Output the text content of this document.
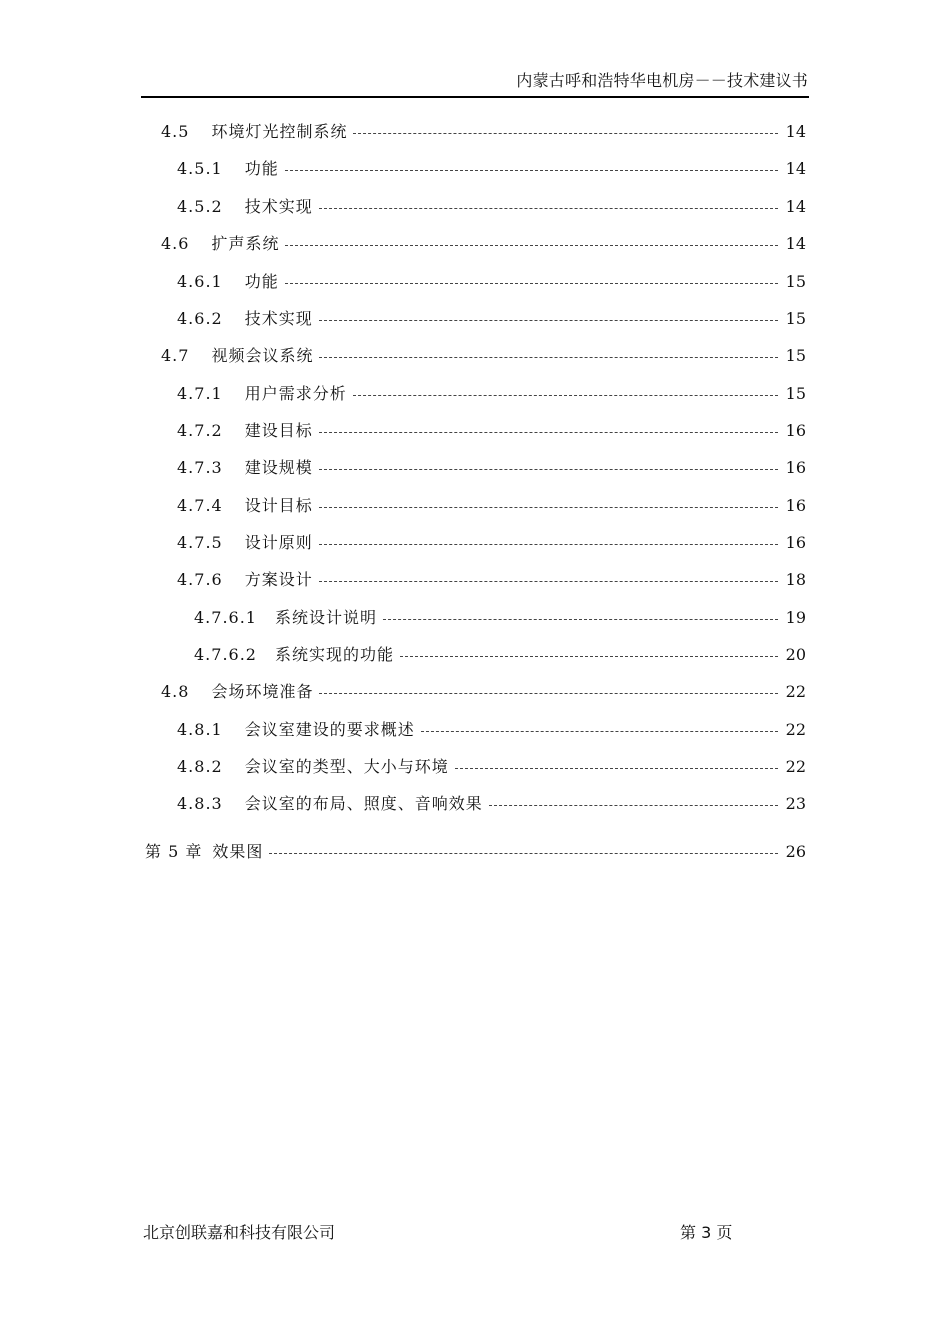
内蒙古呼和浩特华电机房－－技术建议书
4.5 环境灯光控制系统	14
4.5.1 功能	14
4.5.2 技术实现	14
4.6 扩声系统	14
4.6.1 功能	15
4.6.2 技术实现	15
4.7 视频会议系统	15
4.7.1 用户需求分析	15
4.7.2 建设目标	16
4.7.3 建设规模	16
4.7.4 设计目标	16
4.7.5 设计原则	16
4.7.6 方案设计	18
4.7.6.1 系统设计说明	19
4.7.6.2 系统实现的功能	20
4.8 会场环境准备	22
4.8.1 会议室建设的要求概述	22
4.8.2 会议室的类型、大小与环境	22
4.8.3 会议室的布局、照度、音响效果	23
第 5 章 效果图	26
北京创联嘉和科技有限公司	第 3 页
